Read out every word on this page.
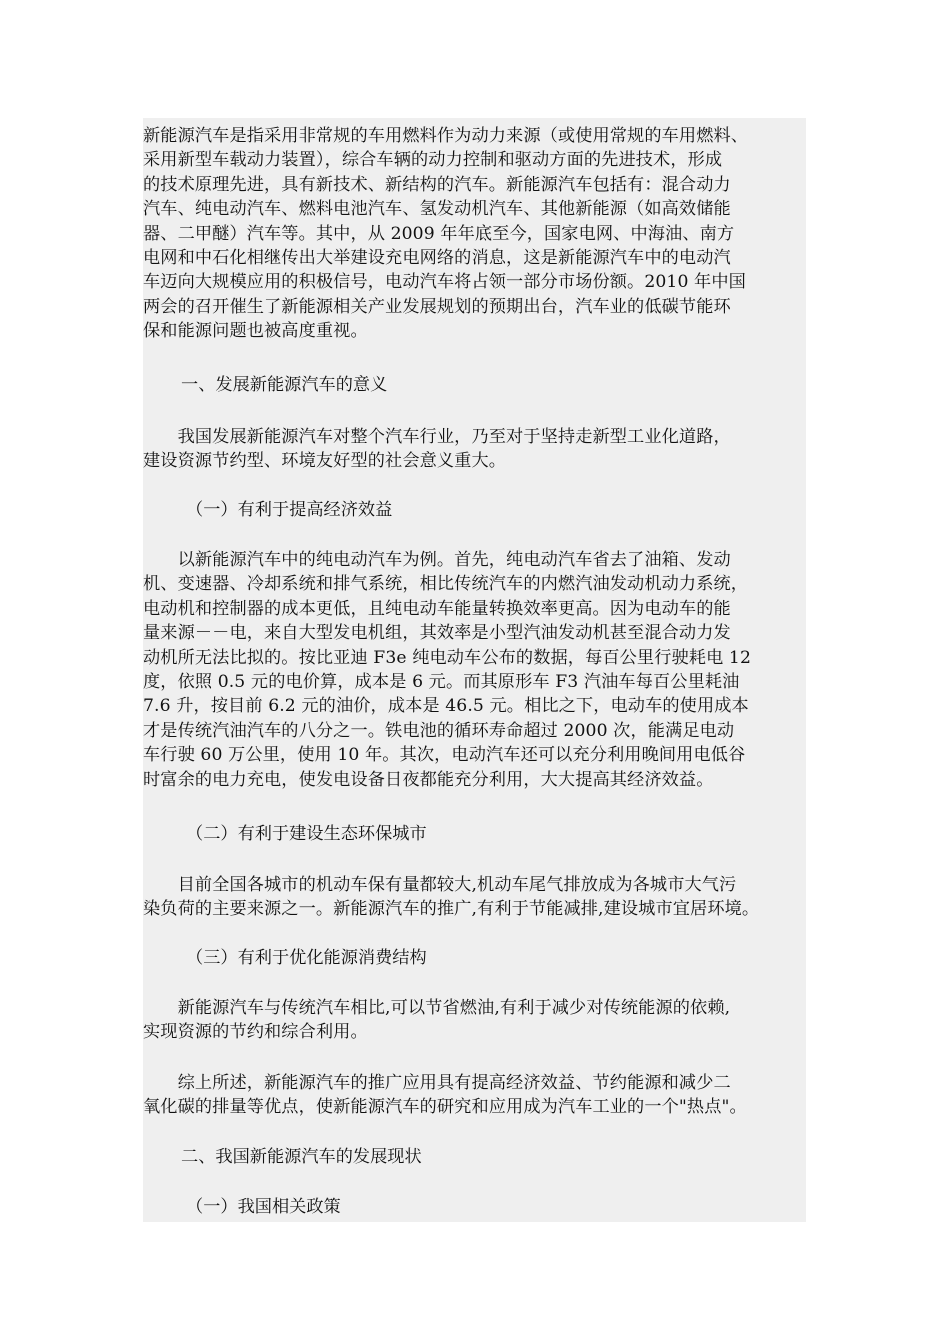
新能源汽车是指采用非常规的车用燃料作为动力来源（或使用常规的车用燃料、
采用新型车载动力装置），综合车辆的动力控制和驱动方面的先进技术，形成
的技术原理先进，具有新技术、新结构的汽车。新能源汽车包括有：混合动力
汽车、纯电动汽车、燃料电池汽车、氢发动机汽车、其他新能源（如高效储能
器、二甲醚）汽车等。其中，从 2009 年年底至今，国家电网、中海油、南方
电网和中石化相继传出大举建设充电网络的消息，这是新能源汽车中的电动汽
车迈向大规模应用的积极信号，电动汽车将占领一部分市场份额。2010 年中国
两会的召开催生了新能源相关产业发展规划的预期出台，汽车业的低碳节能环
保和能源问题也被高度重视。
一、发展新能源汽车的意义
　　我国发展新能源汽车对整个汽车行业，乃至对于坚持走新型工业化道路，
建设资源节约型、环境友好型的社会意义重大。
（一）有利于提高经济效益
　　以新能源汽车中的纯电动汽车为例。首先，纯电动汽车省去了油箱、发动
机、变速器、冷却系统和排气系统，相比传统汽车的内燃汽油发动机动力系统，
电动机和控制器的成本更低，且纯电动车能量转换效率更高。因为电动车的能
量来源－－电，来自大型发电机组，其效率是小型汽油发动机甚至混合动力发
动机所无法比拟的。按比亚迪 F3e 纯电动车公布的数据，每百公里行驶耗电 12
度，依照 0.5 元的电价算，成本是 6 元。而其原形车 F3 汽油车每百公里耗油
7.6 升，按目前 6.2 元的油价，成本是 46.5 元。相比之下，电动车的使用成本
才是传统汽油汽车的八分之一。铁电池的循环寿命超过 2000 次，能满足电动
车行驶 60 万公里，使用 10 年。其次，电动汽车还可以充分利用晚间用电低谷
时富余的电力充电，使发电设备日夜都能充分利用，大大提高其经济效益。
（二）有利于建设生态环保城市
　　目前全国各城市的机动车保有量都较大,机动车尾气排放成为各城市大气污
染负荷的主要来源之一。新能源汽车的推广,有利于节能减排,建设城市宜居环境。
（三）有利于优化能源消费结构
　　新能源汽车与传统汽车相比,可以节省燃油,有利于减少对传统能源的依赖,
实现资源的节约和综合利用。
　　综上所述，新能源汽车的推广应用具有提高经济效益、节约能源和减少二
氧化碳的排量等优点，使新能源汽车的研究和应用成为汽车工业的一个"热点"。
二、我国新能源汽车的发展现状
（一）我国相关政策
